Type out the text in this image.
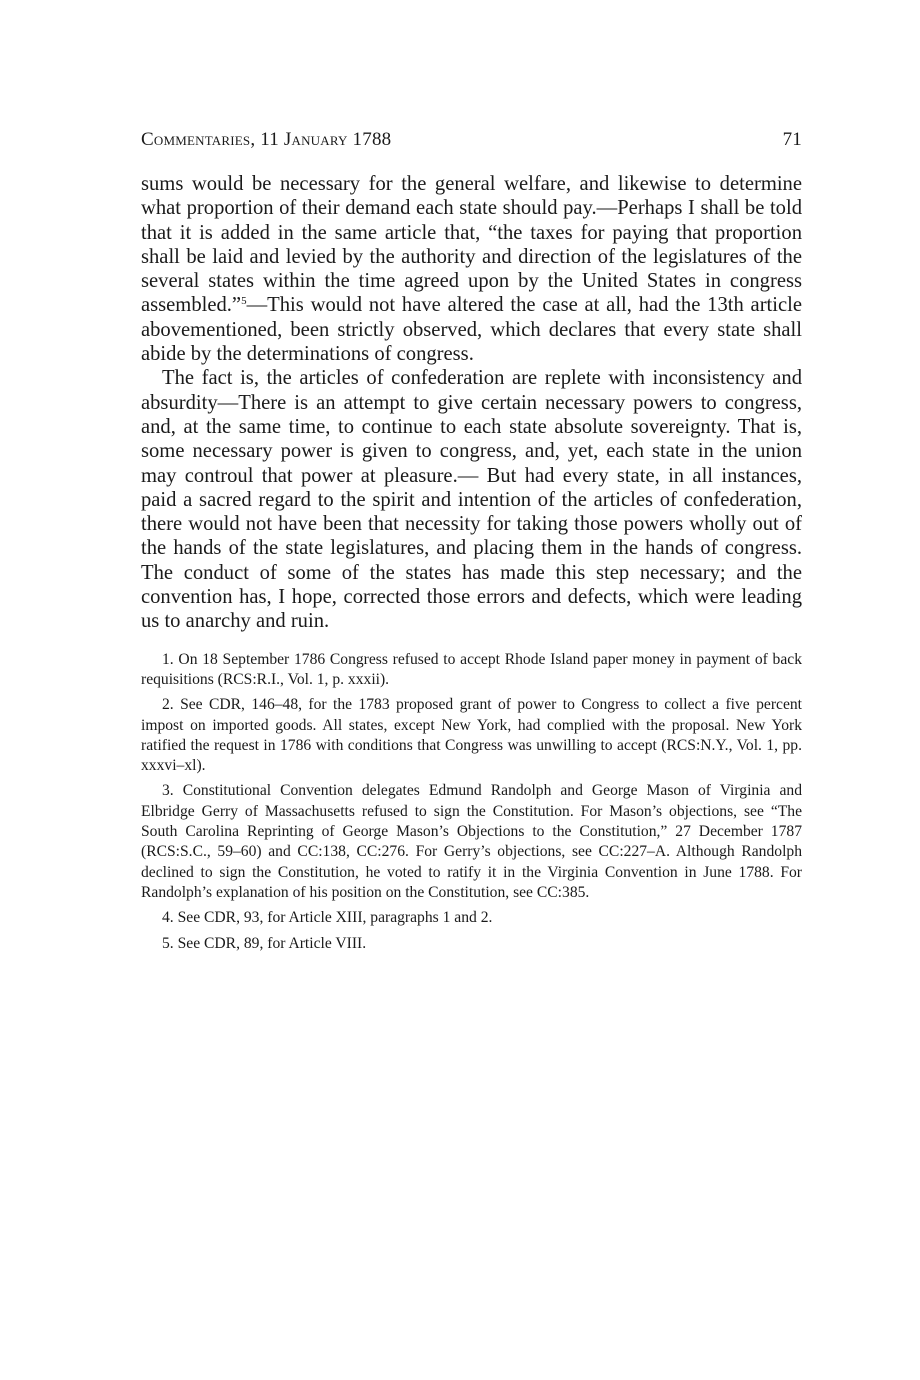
Commentaries, 11 January 1788	71

sums would be necessary for the general welfare, and likewise to determine what proportion of their demand each state should pay.—Perhaps I shall be told that it is added in the same article that, “the taxes for paying that proportion shall be laid and levied by the authority and direction of the legislatures of the several states within the time agreed upon by the United States in congress assembled.”$^5$—This would not have altered the case at all, had the 13th article abovementioned, been strictly observed, which declares that every state shall abide by the determinations of congress.

The fact is, the articles of confederation are replete with inconsistency and absurdity—There is an attempt to give certain necessary powers to congress, and, at the same time, to continue to each state absolute sovereignty. That is, some necessary power is given to congress, and, yet, each state in the union may controul that power at pleasure.— But had every state, in all instances, paid a sacred regard to the spirit and intention of the articles of confederation, there would not have been that necessity for taking those powers wholly out of the hands of the state legislatures, and placing them in the hands of congress. The conduct of some of the states has made this step necessary; and the convention has, I hope, corrected those errors and defects, which were leading us to anarchy and ruin.

1. On 18 September 1786 Congress refused to accept Rhode Island paper money in payment of back requisitions (RCS:R.I., Vol. 1, p. xxxii).

2. See CDR, 146–48, for the 1783 proposed grant of power to Congress to collect a five percent impost on imported goods. All states, except New York, had complied with the proposal. New York ratified the request in 1786 with conditions that Congress was unwilling to accept (RCS:N.Y., Vol. 1, pp. xxxvi–xl).

3. Constitutional Convention delegates Edmund Randolph and George Mason of Virginia and Elbridge Gerry of Massachusetts refused to sign the Constitution. For Mason’s objections, see “The South Carolina Reprinting of George Mason’s Objections to the Constitution,” 27 December 1787 (RCS:S.C., 59–60) and CC:138, CC:276. For Gerry’s objections, see CC:227–A. Although Randolph declined to sign the Constitution, he voted to ratify it in the Virginia Convention in June 1788. For Randolph’s explanation of his position on the Constitution, see CC:385.

4. See CDR, 93, for Article XIII, paragraphs 1 and 2.

5. See CDR, 89, for Article VIII.
